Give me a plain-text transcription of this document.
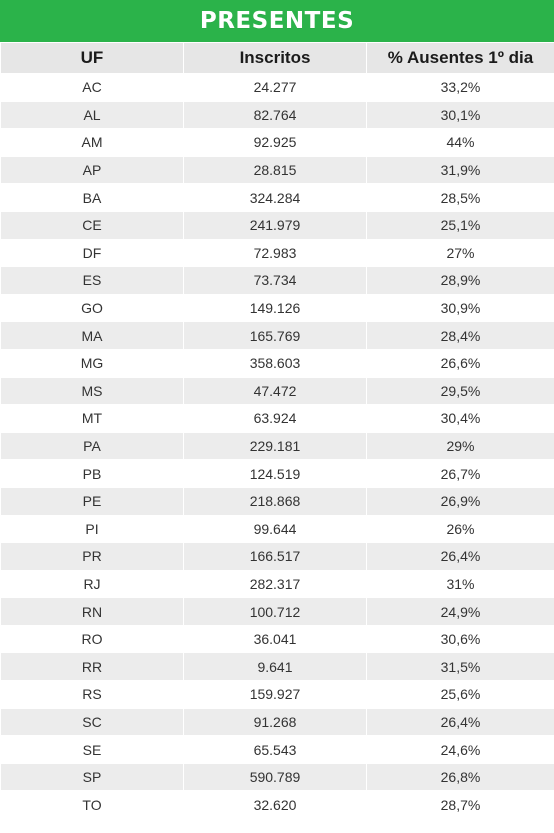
PRESENTES
UF	Inscritos	% Ausentes 1º dia
AC	24.277	33,2%
AL	82.764	30,1%
AM	92.925	44%
AP	28.815	31,9%
BA	324.284	28,5%
CE	241.979	25,1%
DF	72.983	27%
ES	73.734	28,9%
GO	149.126	30,9%
MA	165.769	28,4%
MG	358.603	26,6%
MS	47.472	29,5%
MT	63.924	30,4%
PA	229.181	29%
PB	124.519	26,7%
PE	218.868	26,9%
PI	99.644	26%
PR	166.517	26,4%
RJ	282.317	31%
RN	100.712	24,9%
RO	36.041	30,6%
RR	9.641	31,5%
RS	159.927	25,6%
SC	91.268	26,4%
SE	65.543	24,6%
SP	590.789	26,8%
TO	32.620	28,7%
